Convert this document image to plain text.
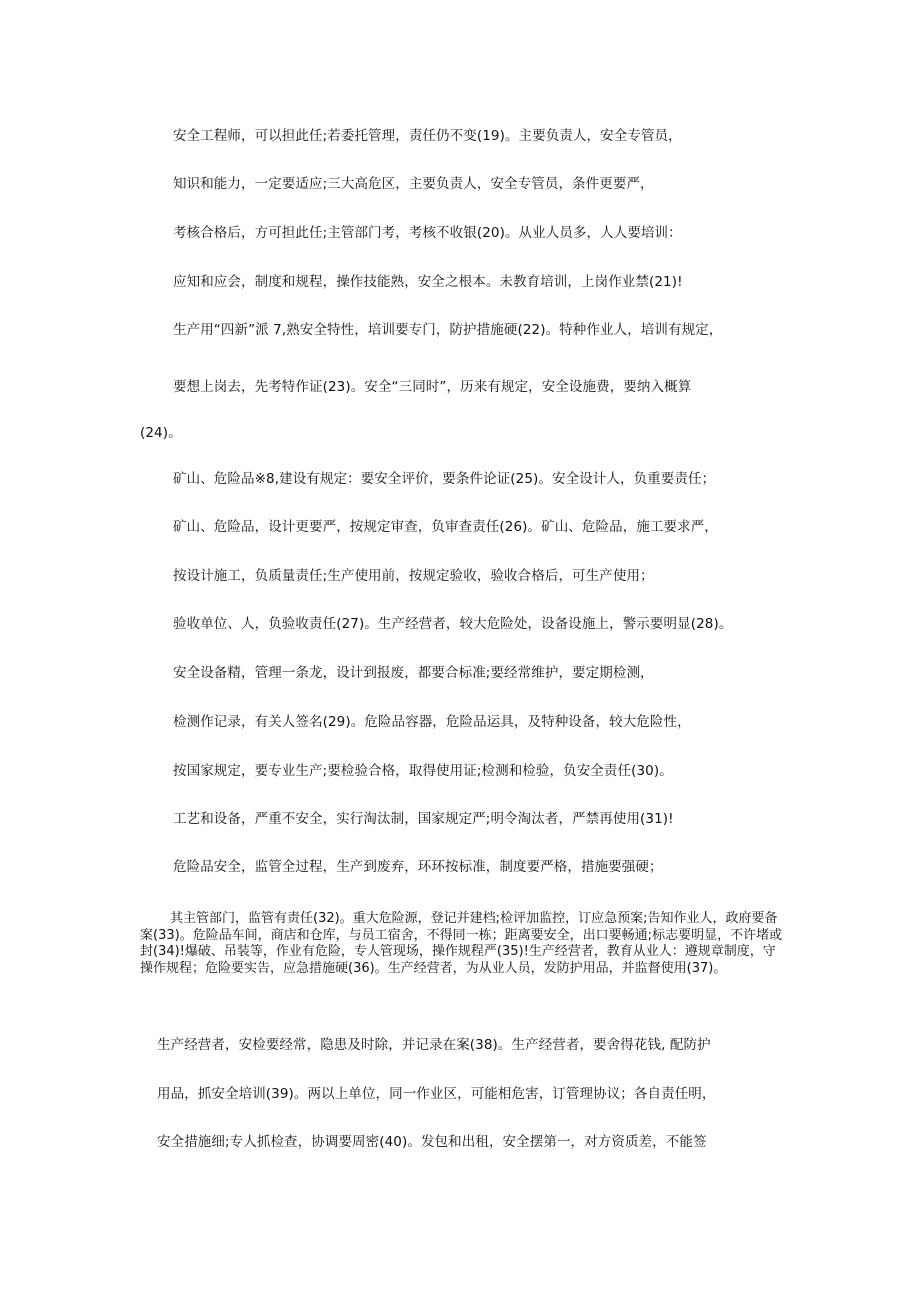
安全工程师，可以担此任;若委托管理，责任仍不变(19)。主要负责人，安全专管员，
知识和能力，一定要适应;三大高危区，主要负责人，安全专管员，条件更要严，
考核合格后，方可担此任;主管部门考，考核不收银(20)。从业人员多，人人要培训：
应知和应会，制度和规程，操作技能熟，安全之根本。未教育培训，上岗作业禁(21)!
生产用“四新”派 7,熟安全特性，培训要专门，防护措施硬(22)。特种作业人，培训有规定，
要想上岗去，先考特作证(23)。安全“三同时”，历来有规定，安全设施费，要纳入概算
(24)。
矿山、危险品※8,建设有规定：要安全评价，要条件论证(25)。安全设计人，负重要责任；
矿山、危险品，设计更要严，按规定审查，负审查责任(26)。矿山、危险品，施工要求严，
按设计施工，负质量责任;生产使用前，按规定验收，验收合格后，可生产使用；
验收单位、人，负验收责任(27)。生产经营者，较大危险处，设备设施上，警示要明显(28)。
安全设备精，管理一条龙，设计到报废，都要合标准;要经常维护，要定期检测，
检测作记录，有关人签名(29)。危险品容器，危险品运具，及特种设备，较大危险性，
按国家规定，要专业生产;要检验合格，取得使用证;检测和检验，负安全责任(30)。
工艺和设备，严重不安全，实行淘汰制，国家规定严;明令淘汰者，严禁再使用(31)!
危险品安全，监管全过程，生产到废弃，环环按标准，制度要严格，措施要强硬；

其主管部门，监管有责任(32)。重大危险源，登记并建档;检评加监控，订应急预案;告知作业人，政府要备案(33)。危险品车间，商店和仓库，与员工宿舍，不得同一栋；距离要安全，出口要畅通;标志要明显，不许堵或封(34)!爆破、吊装等，作业有危险，专人管现场，操作规程严(35)!生产经营者，教育从业人：遵规章制度，守操作规程；危险要实告，应急措施硬(36)。生产经营者，为从业人员，发防护用品，并监督使用(37)。

生产经营者，安检要经常，隐患及时除，并记录在案(38)。生产经营者，要舍得花钱, 配防护
用品，抓安全培训(39)。两以上单位，同一作业区，可能相危害，订管理协议；各自责任明，
安全措施细;专人抓检查，协调要周密(40)。发包和出租，安全摆第一，对方资质差，不能签
